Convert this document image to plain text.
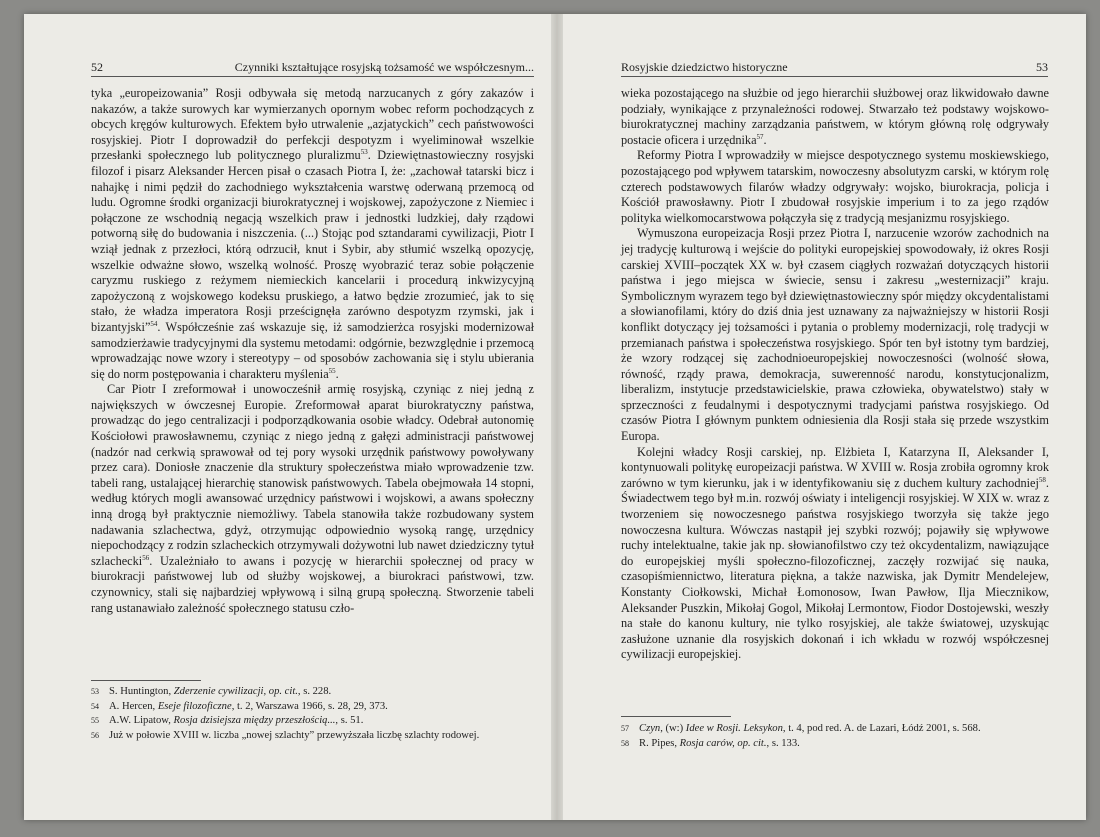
52	Czynniki kształtujące rosyjską tożsamość we współczesnym...

tyka „europeizowania” Rosji odbywała się metodą narzucanych z góry zakazów i nakazów, a także surowych kar wymierzanych opornym wobec reform pochodzących z obcych kręgów kulturowych. Efektem było utrwalenie „azjatyckich” cech państwowości rosyjskiej. Piotr I doprowadził do perfekcji despotyzm i wyeliminował wszelkie przesłanki społecznego lub politycznego pluralizmu$^{53}$. Dziewiętnastowieczny rosyjski filozof i pisarz Aleksander Hercen pisał o czasach Piotra I, że: „zachował tatarski bicz i nahajkę i nimi pędził do zachodniego wykształcenia warstwę oderwaną przemocą od ludu. Ogromne środki organizacji biurokratycznej i wojskowej, zapożyczone z Niemiec i połączone ze wschodnią negacją wszelkich praw i jednostki ludzkiej, dały rządowi potworną siłę do budowania i niszczenia. (...) Stojąc pod sztandarami cywilizacji, Piotr I wziął jednak z przezłoci, którą odrzucił, knut i Sybir, aby stłumić wszelką opozycję, wszelkie odważne słowo, wszelką wolność. Proszę wyobrazić teraz sobie połączenie caryzmu ruskiego z reżymem niemieckich kancelarii i procedurą inkwizycyjną zapożyczoną z wojskowego kodeksu pruskiego, a łatwo będzie zrozumieć, jak to się stało, że władza imperatora Rosji prześcignęła zarówno despotyzm rzymski, jak i bizantyjski”$^{54}$. Współcześnie zaś wskazuje się, iż samodzierżca rosyjski modernizował samodzierżawie tradycyjnymi dla systemu metodami: odgórnie, bezwzględnie i przemocą wprowadzając nowe wzory i stereotypy – od sposobów zachowania się i stylu ubierania się do norm postępowania i charakteru myślenia$^{55}$.

Car Piotr I zreformował i unowocześnił armię rosyjską, czyniąc z niej jedną z największych w ówczesnej Europie. Zreformował aparat biurokratyczny państwa, prowadząc do jego centralizacji i podporządkowania osobie władcy. Odebrał autonomię Kościołowi prawosławnemu, czyniąc z niego jedną z gałęzi administracji państwowej (nadzór nad cerkwią sprawował od tej pory wysoki urzędnik państwowy powoływany przez cara). Doniosłe znaczenie dla struktury społeczeństwa miało wprowadzenie tzw. tabeli rang, ustalającej hierarchię stanowisk państwowych. Tabela obejmowała 14 stopni, według których mogli awansować urzędnicy państwowi i wojskowi, a awans społeczny inną drogą był praktycznie niemożliwy. Tabela stanowiła także rozbudowany system nadawania szlachectwa, gdyż, otrzymując odpowiednio wysoką rangę, urzędnicy niepochodzący z rodzin szlacheckich otrzymywali dożywotni lub nawet dziedziczny tytuł szlachecki$^{56}$. Uzależniało to awans i pozycję w hierarchii społecznej od pracy w biurokracji państwowej lub od służby wojskowej, a biurokraci państwowi, tzw. czynownicy, stali się najbardziej wpływową i silną grupą społeczną. Stworzenie tabeli rang ustanawiało zależność społecznego statusu czło-

53 S. Huntington, Zderzenie cywilizacji, op. cit., s. 228.
54 A. Hercen, Eseje filozoficzne, t. 2, Warszawa 1966, s. 28, 29, 373.
55 A.W. Lipatow, Rosja dzisiejsza między przeszłością..., s. 51.
56 Już w połowie XVIII w. liczba „nowej szlachty” przewyższała liczbę szlachty rodowej.
Rosyjskie dziedzictwo historyczne	53

wieka pozostającego na służbie od jego hierarchii służbowej oraz likwidowało dawne podziały, wynikające z przynależności rodowej. Stwarzało też podstawy wojskowo-biurokratycznej machiny zarządzania państwem, w którym główną rolę odgrywały postacie oficera i urzędnika$^{57}$.

Reformy Piotra I wprowadziły w miejsce despotycznego systemu moskiewskiego, pozostającego pod wpływem tatarskim, nowoczesny absolutyzm carski, w którym rolę czterech podstawowych filarów władzy odgrywały: wojsko, biurokracja, policja i Kościół prawosławny. Piotr I zbudował rosyjskie imperium i to za jego rządów polityka wielkomocarstwowa połączyła się z tradycją mesjanizmu rosyjskiego.

Wymuszona europeizacja Rosji przez Piotra I, narzucenie wzorów zachodnich na jej tradycję kulturową i wejście do polityki europejskiej spowodowały, iż okres Rosji carskiej XVIII–początek XX w. był czasem ciągłych rozważań dotyczących historii państwa i jego miejsca w świecie, sensu i zakresu „westernizacji” kraju. Symbolicznym wyrazem tego był dziewiętnastowieczny spór między okcydentalistami a słowianofilami, który do dziś dnia jest uznawany za najważniejszy w historii Rosji konflikt dotyczący jej tożsamości i pytania o problemy modernizacji, rolę tradycji w przemianach państwa i społeczeństwa rosyjskiego. Spór ten był istotny tym bardziej, że wzory rodzącej się zachodnioeuropejskiej nowoczesności (wolność słowa, równość, rządy prawa, demokracja, suwerenność narodu, konstytucjonalizm, liberalizm, instytucje przedstawicielskie, prawa człowieka, obywatelstwo) stały w sprzeczności z feudalnymi i despotycznymi tradycjami państwa rosyjskiego. Od czasów Piotra I głównym punktem odniesienia dla Rosji stała się przede wszystkim Europa.

Kolejni władcy Rosji carskiej, np. Elżbieta I, Katarzyna II, Aleksander I, kontynuowali politykę europeizacji państwa. W XVIII w. Rosja zrobiła ogromny krok zarówno w tym kierunku, jak i w identyfikowaniu się z duchem kultury zachodniej$^{58}$. Świadectwem tego był m.in. rozwój oświaty i inteligencji rosyjskiej. W XIX w. wraz z tworzeniem się nowoczesnego państwa rosyjskiego tworzyła się także jego nowoczesna kultura. Wówczas nastąpił jej szybki rozwój; pojawiły się wpływowe ruchy intelektualne, takie jak np. słowianofilstwo czy też okcydentalizm, nawiązujące do europejskiej myśli społeczno-filozoficznej, zaczęły rozwijać się nauka, czasopiśmiennictwo, literatura piękna, a także nazwiska, jak Dymitr Mendelejew, Konstanty Ciołkowski, Michał Łomonosow, Iwan Pawłow, Ilja Miecznikow, Aleksander Puszkin, Mikołaj Gogol, Mikołaj Lermontow, Fiodor Dostojewski, weszły na stałe do kanonu kultury, nie tylko rosyjskiej, ale także światowej, uzyskując zasłużone uznanie dla rosyjskich dokonań i ich wkładu w rozwój współczesnej cywilizacji europejskiej.

57 Czyn, (w:) Idee w Rosji. Leksykon, t. 4, pod red. A. de Lazari, Łódź 2001, s. 568.
58 R. Pipes, Rosja carów, op. cit., s. 133.
